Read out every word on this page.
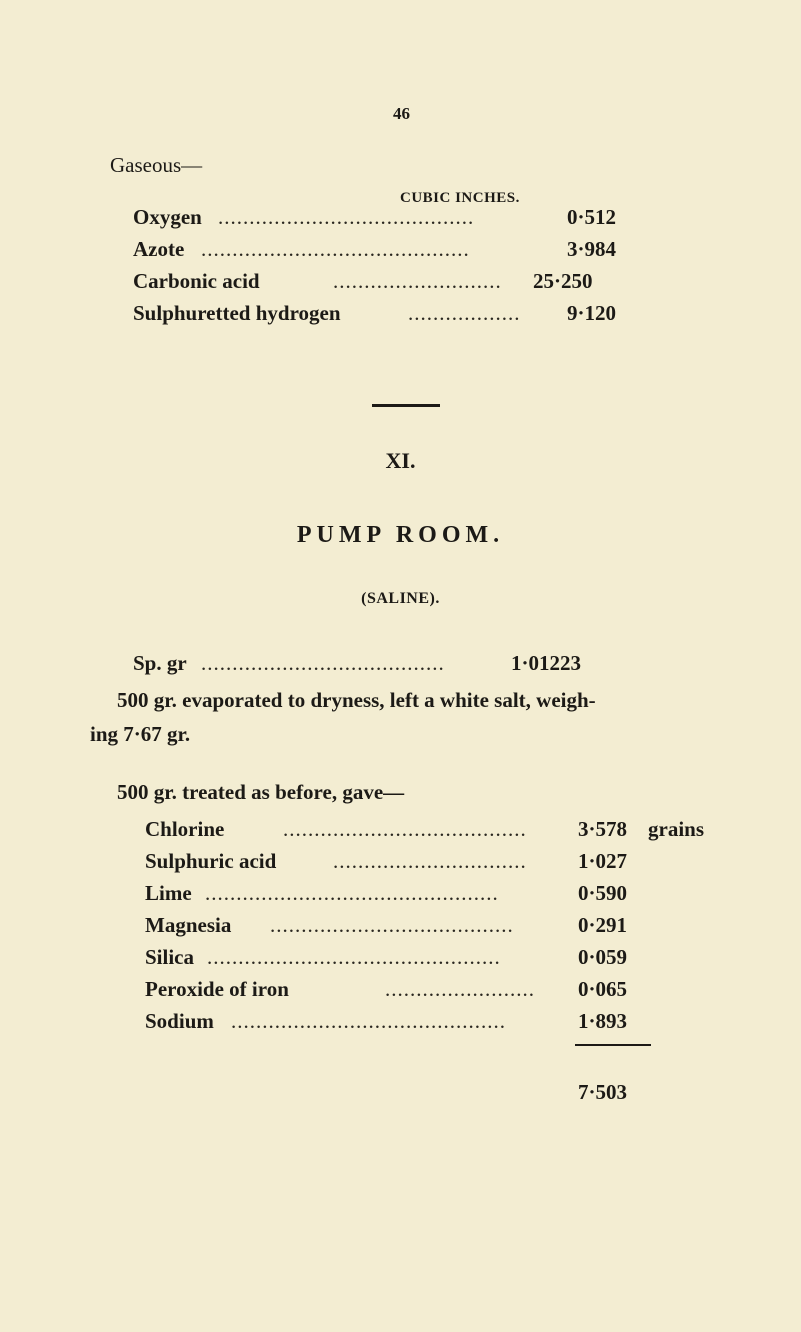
46
Gaseous—
CUBIC INCHES.
Oxygen .........................................	0·512
Azote ...........................................	3·984
Carbonic acid	...........................	25·250
Sulphuretted hydrogen	..................	9·120
XI.
PUMP ROOM.
(SALINE).
Sp. gr .......................................	1·01223
500 gr. evaporated to dryness, left a white salt, weigh-
ing 7·67 gr.
500 gr. treated as before, gave—
Chlorine	.......................................	3·578 grains
Sulphuric acid	...............................	1·027
Lime ...............................................	0·590
Magnesia .......................................	0·291
Silica ...............................................	0·059
Peroxide of iron	........................	0·065
Sodium ............................................	1·893
7·503
